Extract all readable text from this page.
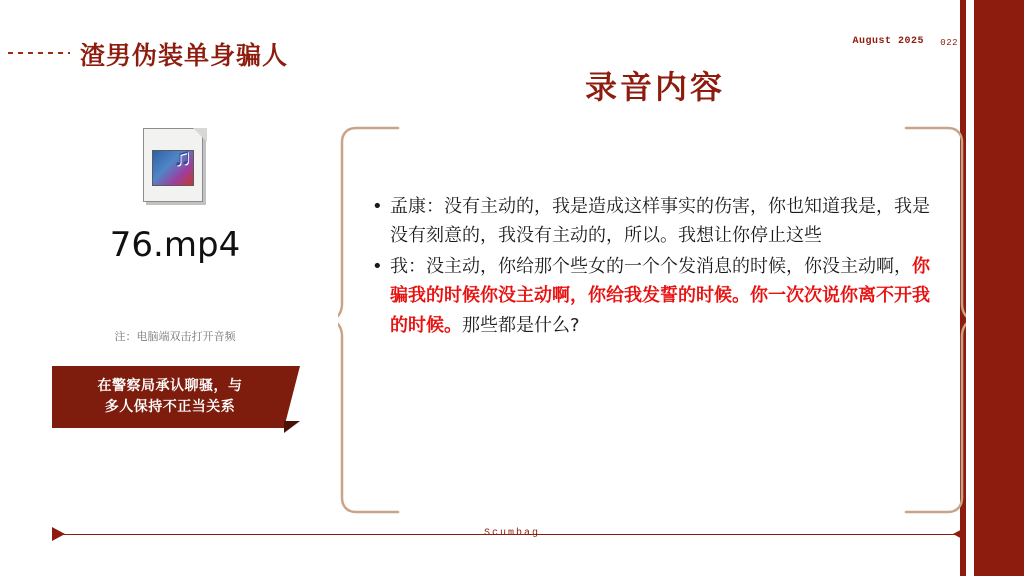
渣男伪装单身骗人	August 2025 022
录音内容
♫
76.mp4
注：电脑端双击打开音频
在警察局承认聊骚，与
多人保持不正当关系
• 孟康：没有主动的，我是造成这样事实的伤害，你也知道我是，我是没有刻意的，我没有主动的，所以。我想让你停止这些
• 我：没主动，你给那个些女的一个个发消息的时候，你没主动啊，你骗我的时候你没主动啊，你给我发誓的时候。你一次次说你离不开我的时候。那些都是什么?
Scumbag
